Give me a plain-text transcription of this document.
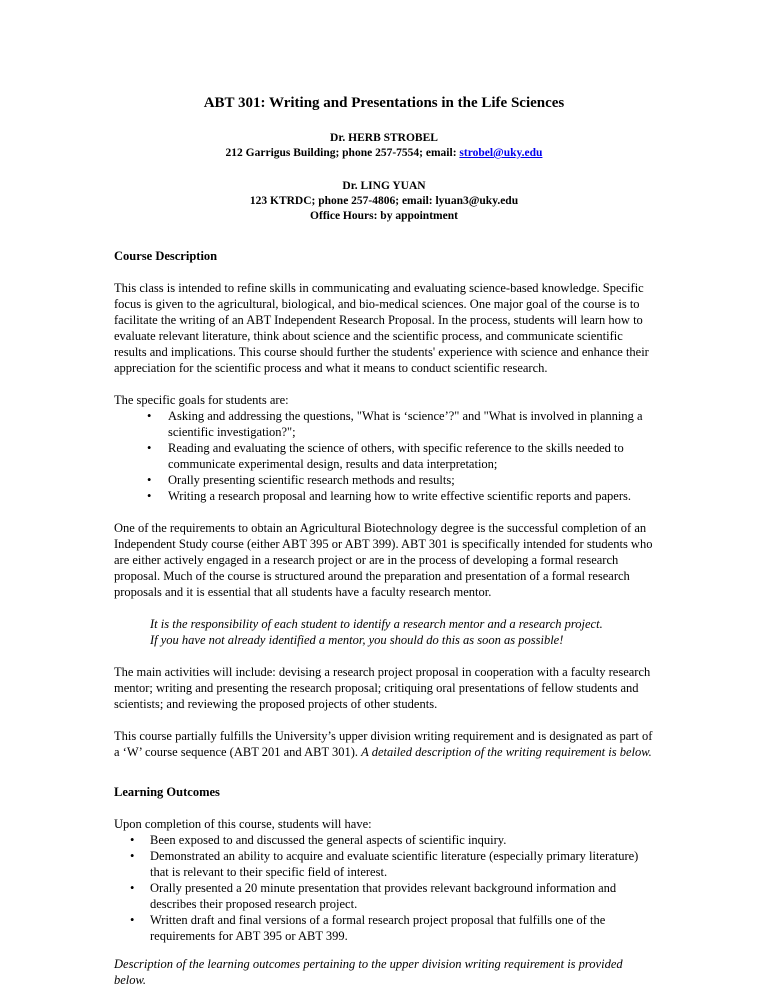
ABT 301: Writing and Presentations in the Life Sciences
Dr. HERB STROBEL
212 Garrigus Building; phone 257-7554; email: strobel@uky.edu
Dr. LING YUAN
123 KTRDC; phone 257-4806; email: lyuan3@uky.edu
Office Hours: by appointment
Course Description

This class is intended to refine skills in communicating and evaluating science-based knowledge. Specific focus is given to the agricultural, biological, and bio-medical sciences. One major goal of the course is to facilitate the writing of an ABT Independent Research Proposal. In the process, students will learn how to evaluate relevant literature, think about science and the scientific process, and communicate scientific results and implications. This course should further the students' experience with science and enhance their appreciation for the scientific process and what it means to conduct scientific research.

The specific goals for students are:

• Asking and addressing the questions, "What is ‘science’?" and "What is involved in planning a scientific investigation?";
• Reading and evaluating the science of others, with specific reference to the skills needed to communicate experimental design, results and data interpretation;
• Orally presenting scientific research methods and results;
• Writing a research proposal and learning how to write effective scientific reports and papers.

One of the requirements to obtain an Agricultural Biotechnology degree is the successful completion of an Independent Study course (either ABT 395 or ABT 399). ABT 301 is specifically intended for students who are either actively engaged in a research project or are in the process of developing a formal research proposal. Much of the course is structured around the preparation and presentation of a formal research proposals and it is essential that all students have a faculty research mentor.

It is the responsibility of each student to identify a research mentor and a research project.
If you have not already identified a mentor, you should do this as soon as possible!

The main activities will include: devising a research project proposal in cooperation with a faculty research mentor; writing and presenting the research proposal; critiquing oral presentations of fellow students and scientists; and reviewing the proposed projects of other students.

This course partially fulfills the University’s upper division writing requirement and is designated as part of a ‘W’ course sequence (ABT 201 and ABT 301). A detailed description of the writing requirement is below.

Learning Outcomes

Upon completion of this course, students will have:

• Been exposed to and discussed the general aspects of scientific inquiry.
• Demonstrated an ability to acquire and evaluate scientific literature (especially primary literature) that is relevant to their specific field of interest.
• Orally presented a 20 minute presentation that provides relevant background information and describes their proposed research project.
• Written draft and final versions of a formal research project proposal that fulfills one of the requirements for ABT 395 or ABT 399.

Description of the learning outcomes pertaining to the upper division writing requirement is provided below.
